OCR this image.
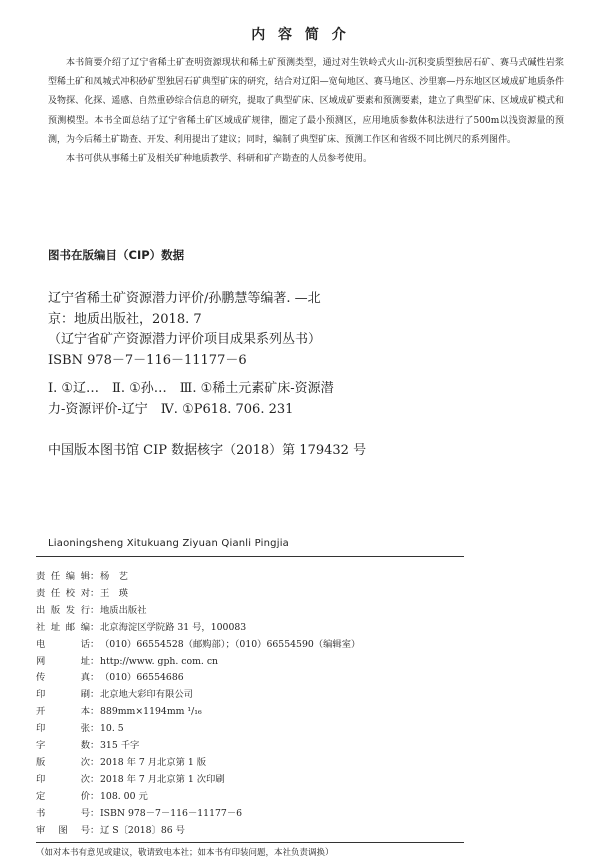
内 容 简 介

本书简要介绍了辽宁省稀土矿查明资源现状和稀土矿预测类型，通过对生铁岭式火山-沉积变质型独居石矿、赛马式碱性岩浆型稀土矿和凤城式冲积砂矿型独居石矿典型矿床的研究，结合对辽阳—宽甸地区、赛马地区、沙里寨—丹东地区区域成矿地质条件及物探、化探、遥感、自然重砂综合信息的研究，提取了典型矿床、区域成矿要素和预测要素，建立了典型矿床、区域成矿模式和预测模型。本书全面总结了辽宁省稀土矿区域成矿规律，圈定了最小预测区，应用地质参数体积法进行了500m以浅资源量的预测，为今后稀土矿勘查、开发、利用提出了建议；同时，编制了典型矿床、预测工作区和省级不同比例尺的系列图件。

本书可供从事稀土矿及相关矿种地质教学、科研和矿产勘查的人员参考使用。

图书在版编目（CIP）数据
辽宁省稀土矿资源潜力评价/孙鹏慧等编著. —北
京：地质出版社，2018. 7
（辽宁省矿产资源潜力评价项目成果系列丛书）
ISBN 978－7－116－11177－6
Ⅰ. ①辽…　Ⅱ. ①孙…　Ⅲ. ①稀土元素矿床-资源潜
力-资源评价-辽宁　Ⅳ. ①P618. 706. 231
中国版本图书馆 CIP 数据核字（2018）第 179432 号
Liaoningsheng Xitukuang Ziyuan Qianli Pingjia
责任编辑：杨　艺
责任校对：王　瑛
出版发行：地质出版社
社址邮编：北京海淀区学院路 31 号，100083
电话：（010）66554528（邮购部）；（010）66554590（编辑室）
网址：http://www. gph. com. cn
传真：（010）66554686
印刷：北京地大彩印有限公司
开本：889mm×1194mm ¹/₁₆
印张：10. 5
字数：315 千字
版次：2018 年 7 月北京第 1 版
印次：2018 年 7 月北京第 1 次印刷
定价：108. 00 元
书号：ISBN 978－7－116－11177－6
审图号：辽 S〔2018〕86 号
（如对本书有意见或建议，敬请致电本社；如本书有印装问题，本社负责调换）
